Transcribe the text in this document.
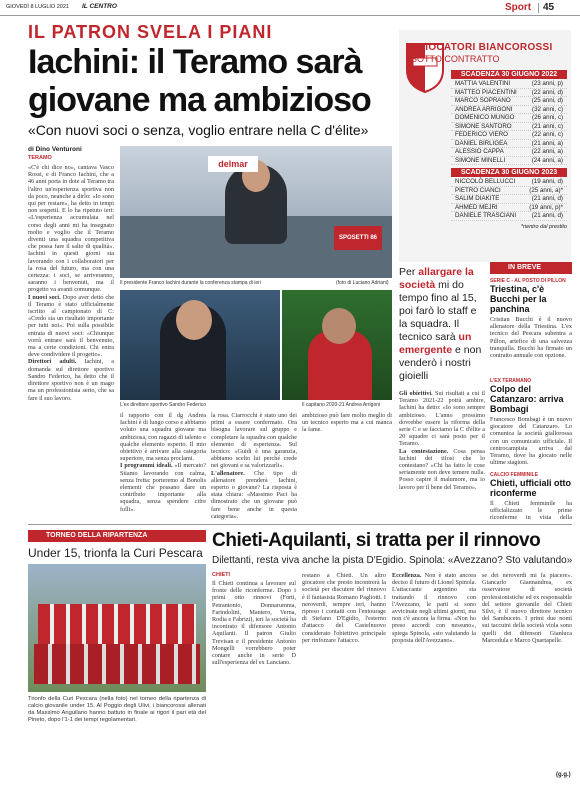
GIOVEDÌ 8 LUGLIO 2021 IL CENTRO	Sport 45
IL PATRON SVELA I PIANI
Iachini: il Teramo sarà
giovane ma ambizioso
«Con nuovi soci o senza, voglio entrare nella C d'élite»
I GIOCATORI BIANCOROSSI
SOTTO CONTRATTO
SCADENZA 30 GIUGNO 2022
MATTIA VALENTINI	(23 anni, p)
MATTEO PIACENTINI (22 anni, d)
MARCO SOPRANO	(25 anni, d)
ANDREA ARRIGONI	(32 anni, c)
DOMENICO MUNGO	(26 anni, c)
SIMONE SANTORO	(21 anni, c)
FEDERICO VIERO	(22 anni, c)
DANIEL BIRLIGEA	(21 anni, a)
ALESSIO CAPPA	(22 anni, a)
SIMONE MINELLI	(24 anni, a)
SCADENZA 30 GIUGNO 2023
NICCOLÒ BELLUCCI	(19 anni, d)
PIETRO CIANCI	(25 anni, a)*
SALIM DIAKITE	(21 anni, d)
AHMED MEJRI	(19 anni, p)*
DANIELE TRASCIANI	(21 anni, d)
*rientro dal prestito
di Dino Venturoni
TERAMO

«C'è chi dice no», cantava Vasco Rossi, e di Franco Iachini, che a 46 anni porta in dote al Teramo tra l'altro un'esperienza sportiva non da poco, neanche a dirlo: «Io sono qui per restare», ha detto in tempi non sospetti. E lo ha ripetuto ieri: «L'esperienza accumulata nel corso degli anni mi ha insegnato molto e voglio che il Teramo diventi una squadra competitiva che possa fare il salto di qualità». Iachini in questi giorni sta lavorando con i collaboratori per la rosa del futuro, ma con una certezza: i soci, se arriveranno, saranno i benvenuti, ma il progetto va avanti comunque.

I nuovi soci. Dopo aver detto che il Teramo è stato ufficialmente iscritto al campionato di C: «Credo sia un risultato importante per tutti noi». Poi sulla possibile entrata di nuovi soci: «Chiunque vorrà entrare sarà il benvenuto, ma a certe condizioni. Chi entra deve condividere il progetto».

Direttori adulti. Iachini, a domanda sul direttore sportivo Sandro Federico, ha detto che il direttore sportivo non è un mago ma un professionista serio, che sa fare il suo lavoro.

delmar
SPOSETTI 86
Il presidente Franco Iachini durante la conferenza stampa di ieri	(foto di Luciano Adriani)
L'ex direttore sportivo Sandro Federico	Il capitano 2020-21 Andrea Arrigoni

il rapporto con il dg Andrea Iachini è di lungo corso e abbiamo voluto una squadra giovane ma ambiziosa, con ragazzi di talento e qualche elemento esperto. Il mio obiettivo è arrivare alla categoria superiore, ma senza proclami.

I programmi ideali. «Il mercato? Stiamo lavorando con calma, senza fretta: porteremo al Bonolis elementi che possano dare un contributo importante alla squadra, senza spendere cifre folli».

la rosa. Ciarrocchi è stato uno dei primi a essere confermato. Ora bisogna lavorare sul gruppo e completare la squadra con qualche elemento di esperienza. Sul tecnico: «Guidi è una garanzia, abbiamo scelto lui perché crede nei giovani e sa valorizzarli».

L'allenatore. Che tipo di allenatore prenderà Iachini, esperto o giovane? La risposta è stata chiara: «Massimo Paci ha dimostrato che un giovane può fare bene anche in questa categoria».

ambizioso può fare molto meglio di un tecnico esperto ma a cui manca la fame.

Per allargare la società mi do tempo fino al 15, poi farò lo staff e la squadra. Il tecnico sarà un emergente e non venderò i nostri gioielli

Gli obiettivi. Sui risultati a cui il Teramo 2021-22 potrà ambire, Iachini ha detto: «Io sono sempre ambizioso. L'anno prossimo dovrebbe essere la riforma della serie C e se facciamo la C d'élite a 20 squadre ci sarà posto per il Teramo.

La contestazione. Cosa pensa Iachini dei tifosi che lo contestano? «Chi ha fatto le cose seriamente non deve temere nulla. Posso capire il malumore, ma io lavoro per il bene del Teramo».

IN BREVE
SERIE C - AL POSTO DI PILLON
Triestina, c'è Bucchi per la panchina
Cristian Bucchi è il nuovo allenatore della Triestina. L'ex tecnico del Pescara subentra a Pillon, artefice di una salvezza tranquilla. Bucchi ha firmato un contratto annuale con opzione.
L'EX TERAMANO
Colpo del Catanzaro: arriva Bombagi
Francesco Bombagi è un nuovo giocatore del Catanzaro. Lo comunica la società giallorossa con un comunicato ufficiale. Il centrocampista arriva dal Teramo, dove ha giocato nelle ultime stagioni.
CALCIO FEMMINILE
Chieti, ufficiali otto riconferme
Il Chieti femminile ha ufficializzato le prime riconferme in vista della
TORNEO DELLA RIPARTENZA
Under 15, trionfa la Curi Pescara
Trionfo della Curi Pescara (nella foto) nel torneo della ripartenza di calcio giovanile under 15. Al Poggio degli Ulivi, i biancorossi allenati da Massimo Anguilano hanno battuto in finale ai rigori il pari età del Pineto, dopo l'1-1 dei tempi regolamentari.
Chieti-Aquilanti, si tratta per il rinnovo
Dilettanti, resta viva anche la pista D'Egidio. Spinola: «Avezzano? Sto valutando»
CHIETI
Il Chieti continua a lavorare sul fronte delle riconferme. Dopo i primi otto rinnovi (Forti, Petrantonio, Donnarumma, Farindolini, Mantero, Verna, Rodia e Fabrizi), ieri la società ha incontrato il difensore Antonio Aquilanti. Il patron Giulio Trevisan e il presidente Antonio Mongelli vorrebbero poter contare anche in serie D sull'esperienza del ex Lanciano.
restano a Chieti. Un altro giocatore che presto incontrerà la società per discutere del rinnovo è il fantasista Romano Pagliotti. I neroverdi, sempre ieri, hanno ripreso i contatti con l'entourage di Stefano D'Egidio, l'esterno d'attacco del Castelnuovo considerato l'obiettivo principale per rinforzare l'attacco.
Eccellenza. Non è stato ancora deciso il futuro di Lionel Spinola. L'attaccante argentino sta trattando il rinnovo con l'Avezzano, le parti si sono avvicinate negli ultimi giorni, ma non c'è ancora la firma. «Non ho preso accordi con nessuno», spiega Spinola, «sto valutando la proposta dell'Avezzano».
se dei neroverdi mi fa piacere». Giancarlo Giannandrea, ex osservatore di società professionistiche ed ex responsabile del settore giovanile del Chieti Silvi, è il nuovo direttore tecnico del Sambuceto. I primi due nomi sui taccuini della società viola sono quelli dei difensori Gianluca Marcedula e Marco Quartapelle.
(g.g.)
